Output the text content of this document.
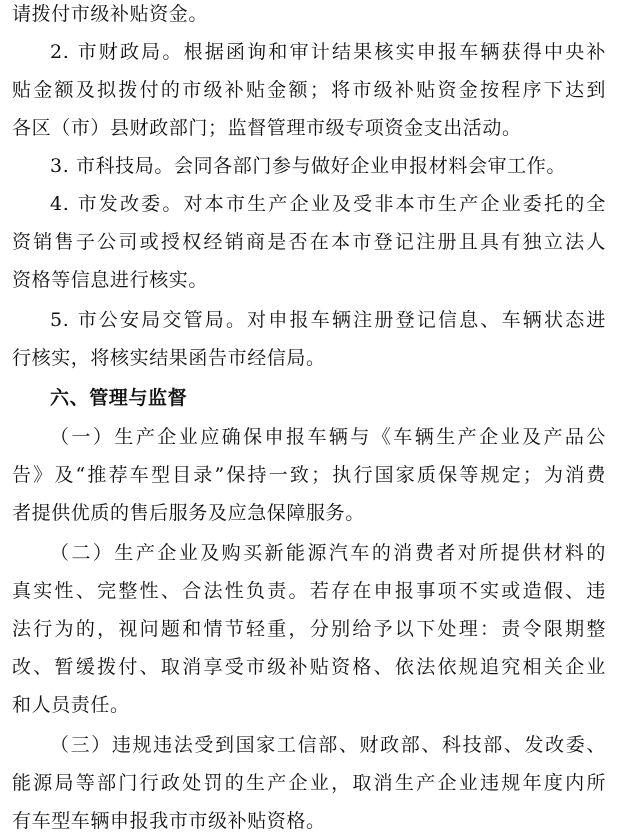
请拨付市级补贴资金。
2. 市财政局。根据函询和审计结果核实申报车辆获得中央补
贴金额及拟拨付的市级补贴金额；将市级补贴资金按程序下达到
各区（市）县财政部门；监督管理市级专项资金支出活动。
3. 市科技局。会同各部门参与做好企业申报材料会审工作。
4. 市发改委。对本市生产企业及受非本市生产企业委托的全
资销售子公司或授权经销商是否在本市登记注册且具有独立法人
资格等信息进行核实。
5. 市公安局交管局。对申报车辆注册登记信息、车辆状态进
行核实，将核实结果函告市经信局。
六、管理与监督
（一）生产企业应确保申报车辆与《车辆生产企业及产品公
告》及“推荐车型目录”保持一致；执行国家质保等规定；为消费
者提供优质的售后服务及应急保障服务。
（二）生产企业及购买新能源汽车的消费者对所提供材料的
真实性、完整性、合法性负责。若存在申报事项不实或造假、违
法行为的，视问题和情节轻重，分别给予以下处理：责令限期整
改、暂缓拨付、取消享受市级补贴资格、依法依规追究相关企业
和人员责任。
（三）违规违法受到国家工信部、财政部、科技部、发改委、
能源局等部门行政处罚的生产企业，取消生产企业违规年度内所
有车型车辆申报我市市级补贴资格。
